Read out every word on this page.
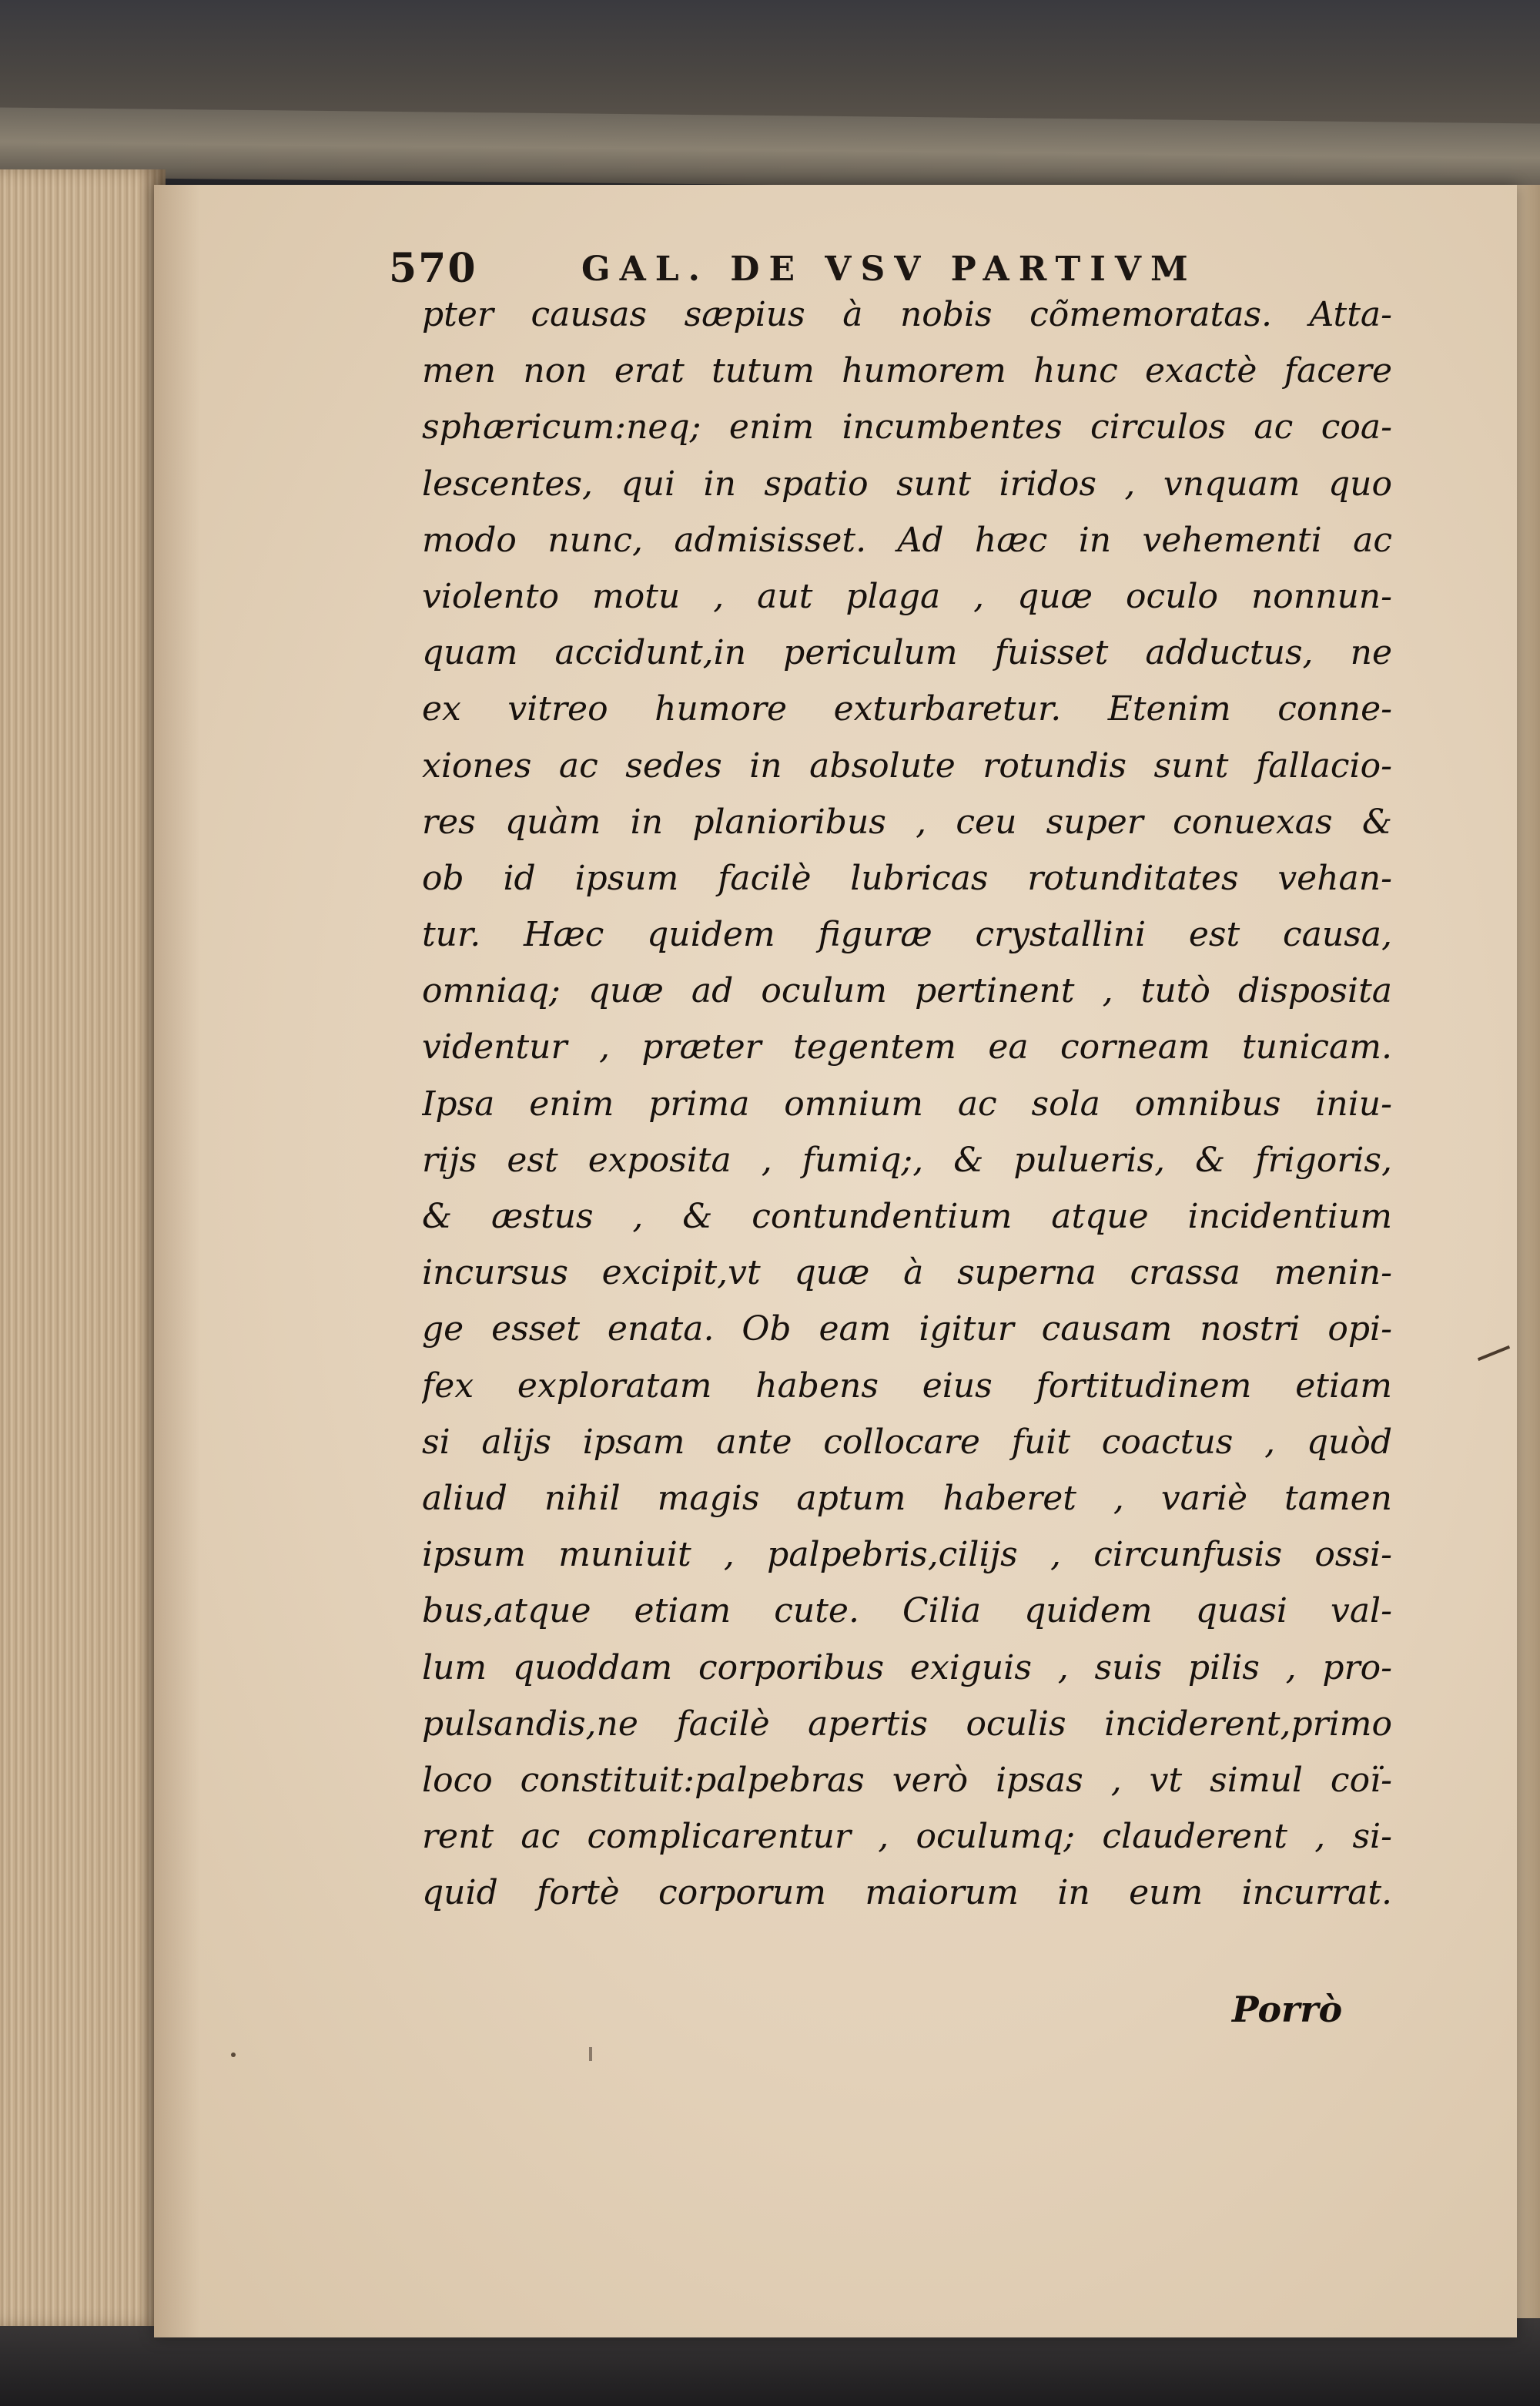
570	GAL. DE VSV PARTIVM
pter causas sæpius à nobis cõmemoratas. Atta-
men non erat tutum humorem hunc exactè facere
sphæricum:neq; enim incumbentes circulos ac coa-
lescentes, qui in spatio sunt iridos , vnquam quo
modo nunc, admisisset. Ad hæc in vehementi ac
violento motu , aut plaga , quæ oculo nonnun-
quam accidunt,in periculum fuisset adductus, ne
ex vitreo humore exturbaretur. Etenim conne-
xiones ac sedes in absolute rotundis sunt fallacio-
res quàm in planioribus , ceu super conuexas &
ob id ipsum facilè lubricas rotunditates vehan-
tur. Hæc quidem figuræ crystallini est causa,
omniaq; quæ ad oculum pertinent , tutò disposita
videntur , præter tegentem ea corneam tunicam.
Ipsa enim prima omnium ac sola omnibus iniu-
rijs est exposita , fumiq;, & pulueris, & frigoris,
& æstus , & contundentium atque incidentium
incursus excipit,vt quæ à superna crassa menin-
ge esset enata. Ob eam igitur causam nostri opi-
fex exploratam habens eius fortitudinem etiam
si alijs ipsam ante collocare fuit coactus , quòd
aliud nihil magis aptum haberet , variè tamen
ipsum muniuit , palpebris,cilijs , circunfusis ossi-
bus,atque etiam cute. Cilia quidem quasi val-
lum quoddam corporibus exiguis , suis pilis , pro-
pulsandis,ne facilè apertis oculis inciderent,primo
loco constituit:palpebras verò ipsas , vt simul coï-
rent ac complicarentur , oculumq; clauderent , si-
quid fortè corporum maiorum in eum incurrat.
Porrò
